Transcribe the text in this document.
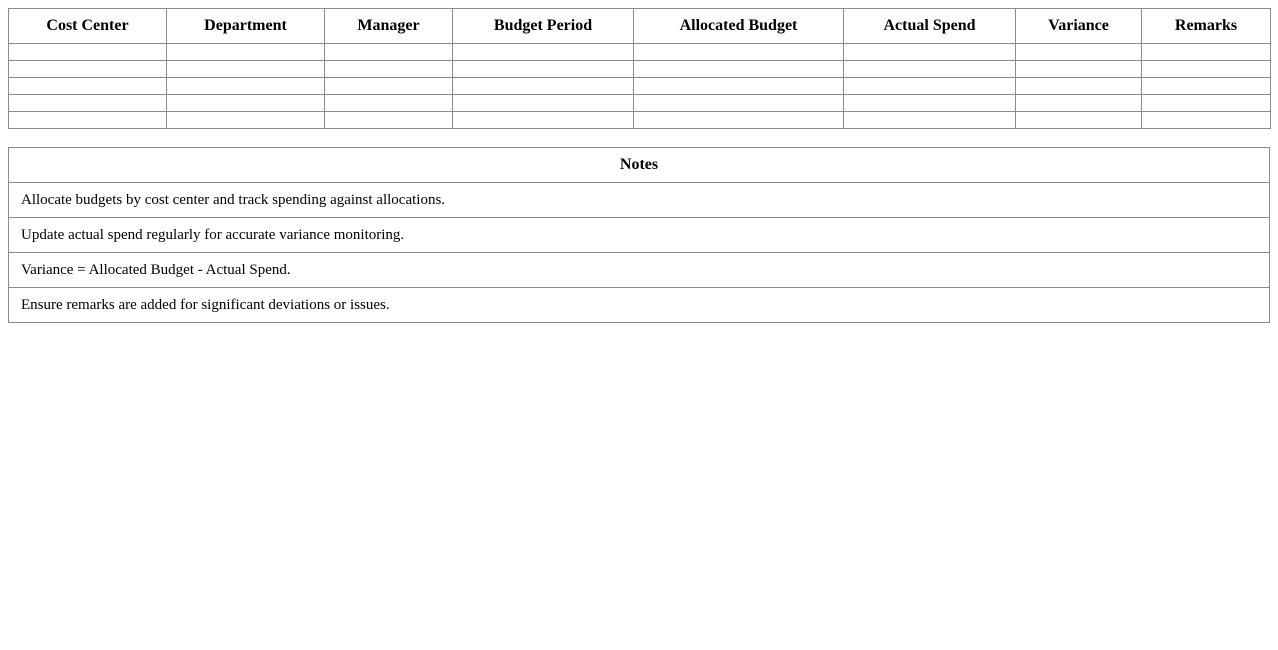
Cost Center	Department	Manager	Budget Period	Allocated Budget	Actual Spend	Variance	Remarks

Notes
Allocate budgets by cost center and track spending against allocations.
Update actual spend regularly for accurate variance monitoring.
Variance = Allocated Budget - Actual Spend.
Ensure remarks are added for significant deviations or issues.
